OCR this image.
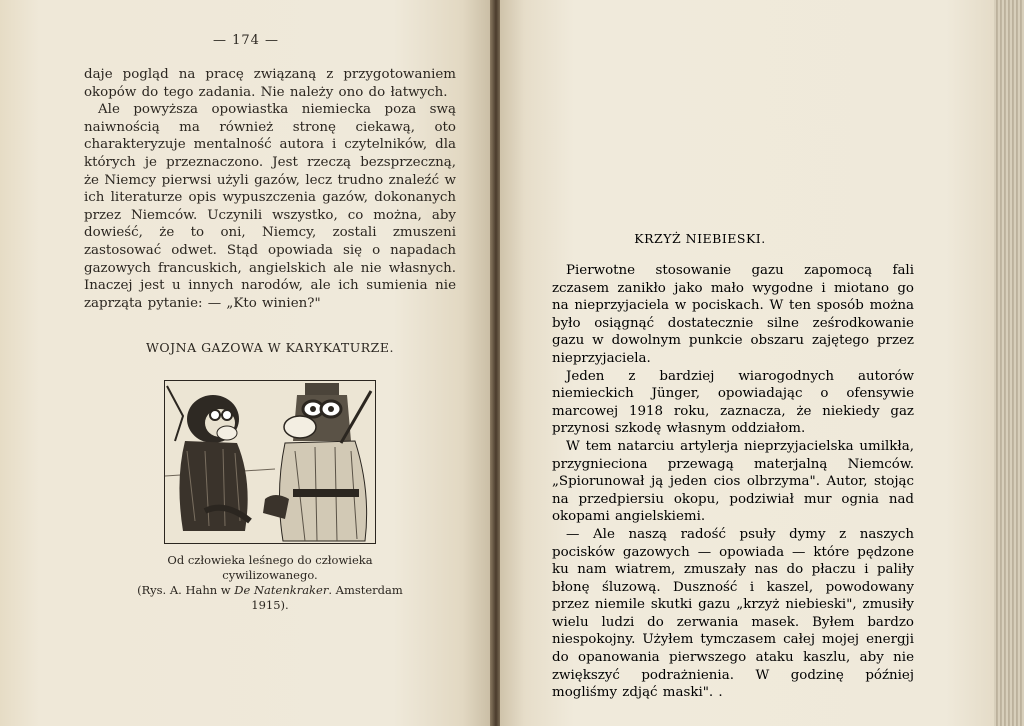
— 174 —

daje pogląd na pracę związaną z przygotowaniem okopów do tego zadania. Nie należy ono do łatwych.

Ale powyższa opowiastka niemiecka poza swą naiwnością ma również stronę ciekawą, oto charakteryzuje mentalność autora i czytelników, dla których je przeznaczono. Jest rzeczą bezsprzeczną, że Niemcy pierwsi użyli gazów, lecz trudno znaleźć w ich literaturze opis wypuszczenia gazów, dokonanych przez Niemców. Uczynili wszystko, co można, aby dowieść, że to oni, Niemcy, zostali zmuszeni zastosować odwet. Stąd opowiada się o napadach gazowych francuskich, angielskich ale nie własnych. Inaczej jest u innych narodów, ale ich sumienia nie zaprząta pytanie: — „Kto winien?"

WOJNA GAZOWA W KARYKATURZE.
Od człowieka leśnego do człowieka cywilizowanego.
(Rys. A. Hahn w De Natenkraker. Amsterdam 1915).
KRZYŻ NIEBIESKI.

Pierwotne stosowanie gazu zapomocą fali zczasem zanikło jako mało wygodne i miotano go na nieprzyjaciela w pociskach. W ten sposób można było osiągnąć dostatecznie silne ześrodkowanie gazu w dowolnym punkcie obszaru zajętego przez nieprzyjaciela.

Jeden z bardziej wiarogodnych autorów niemieckich Jünger, opowiadając o ofensywie marcowej 1918 roku, zaznacza, że niekiedy gaz przynosi szkodę własnym oddziałom.

W tem natarciu artylerja nieprzyjacielska umilkła, przygnieciona przewagą materjalną Niemców. „Spiorunował ją jeden cios olbrzyma". Autor, stojąc na przedpiersiu okopu, podziwiał mur ognia nad okopami angielskiemi.

— Ale naszą radość psuły dymy z naszych pocisków gazowych — opowiada — które pędzone ku nam wiatrem, zmuszały nas do płaczu i paliły błonę śluzową. Duszność i kaszel, powodowany przez niemile skutki gazu „krzyż niebieski", zmusiły wielu ludzi do zerwania masek. Byłem bardzo niespokojny. Użyłem tymczasem całej mojej energji do opanowania pierwszego ataku kaszlu, aby nie zwiększyć podrażnienia. W godzinę później mogliśmy zdjąć maski". .
